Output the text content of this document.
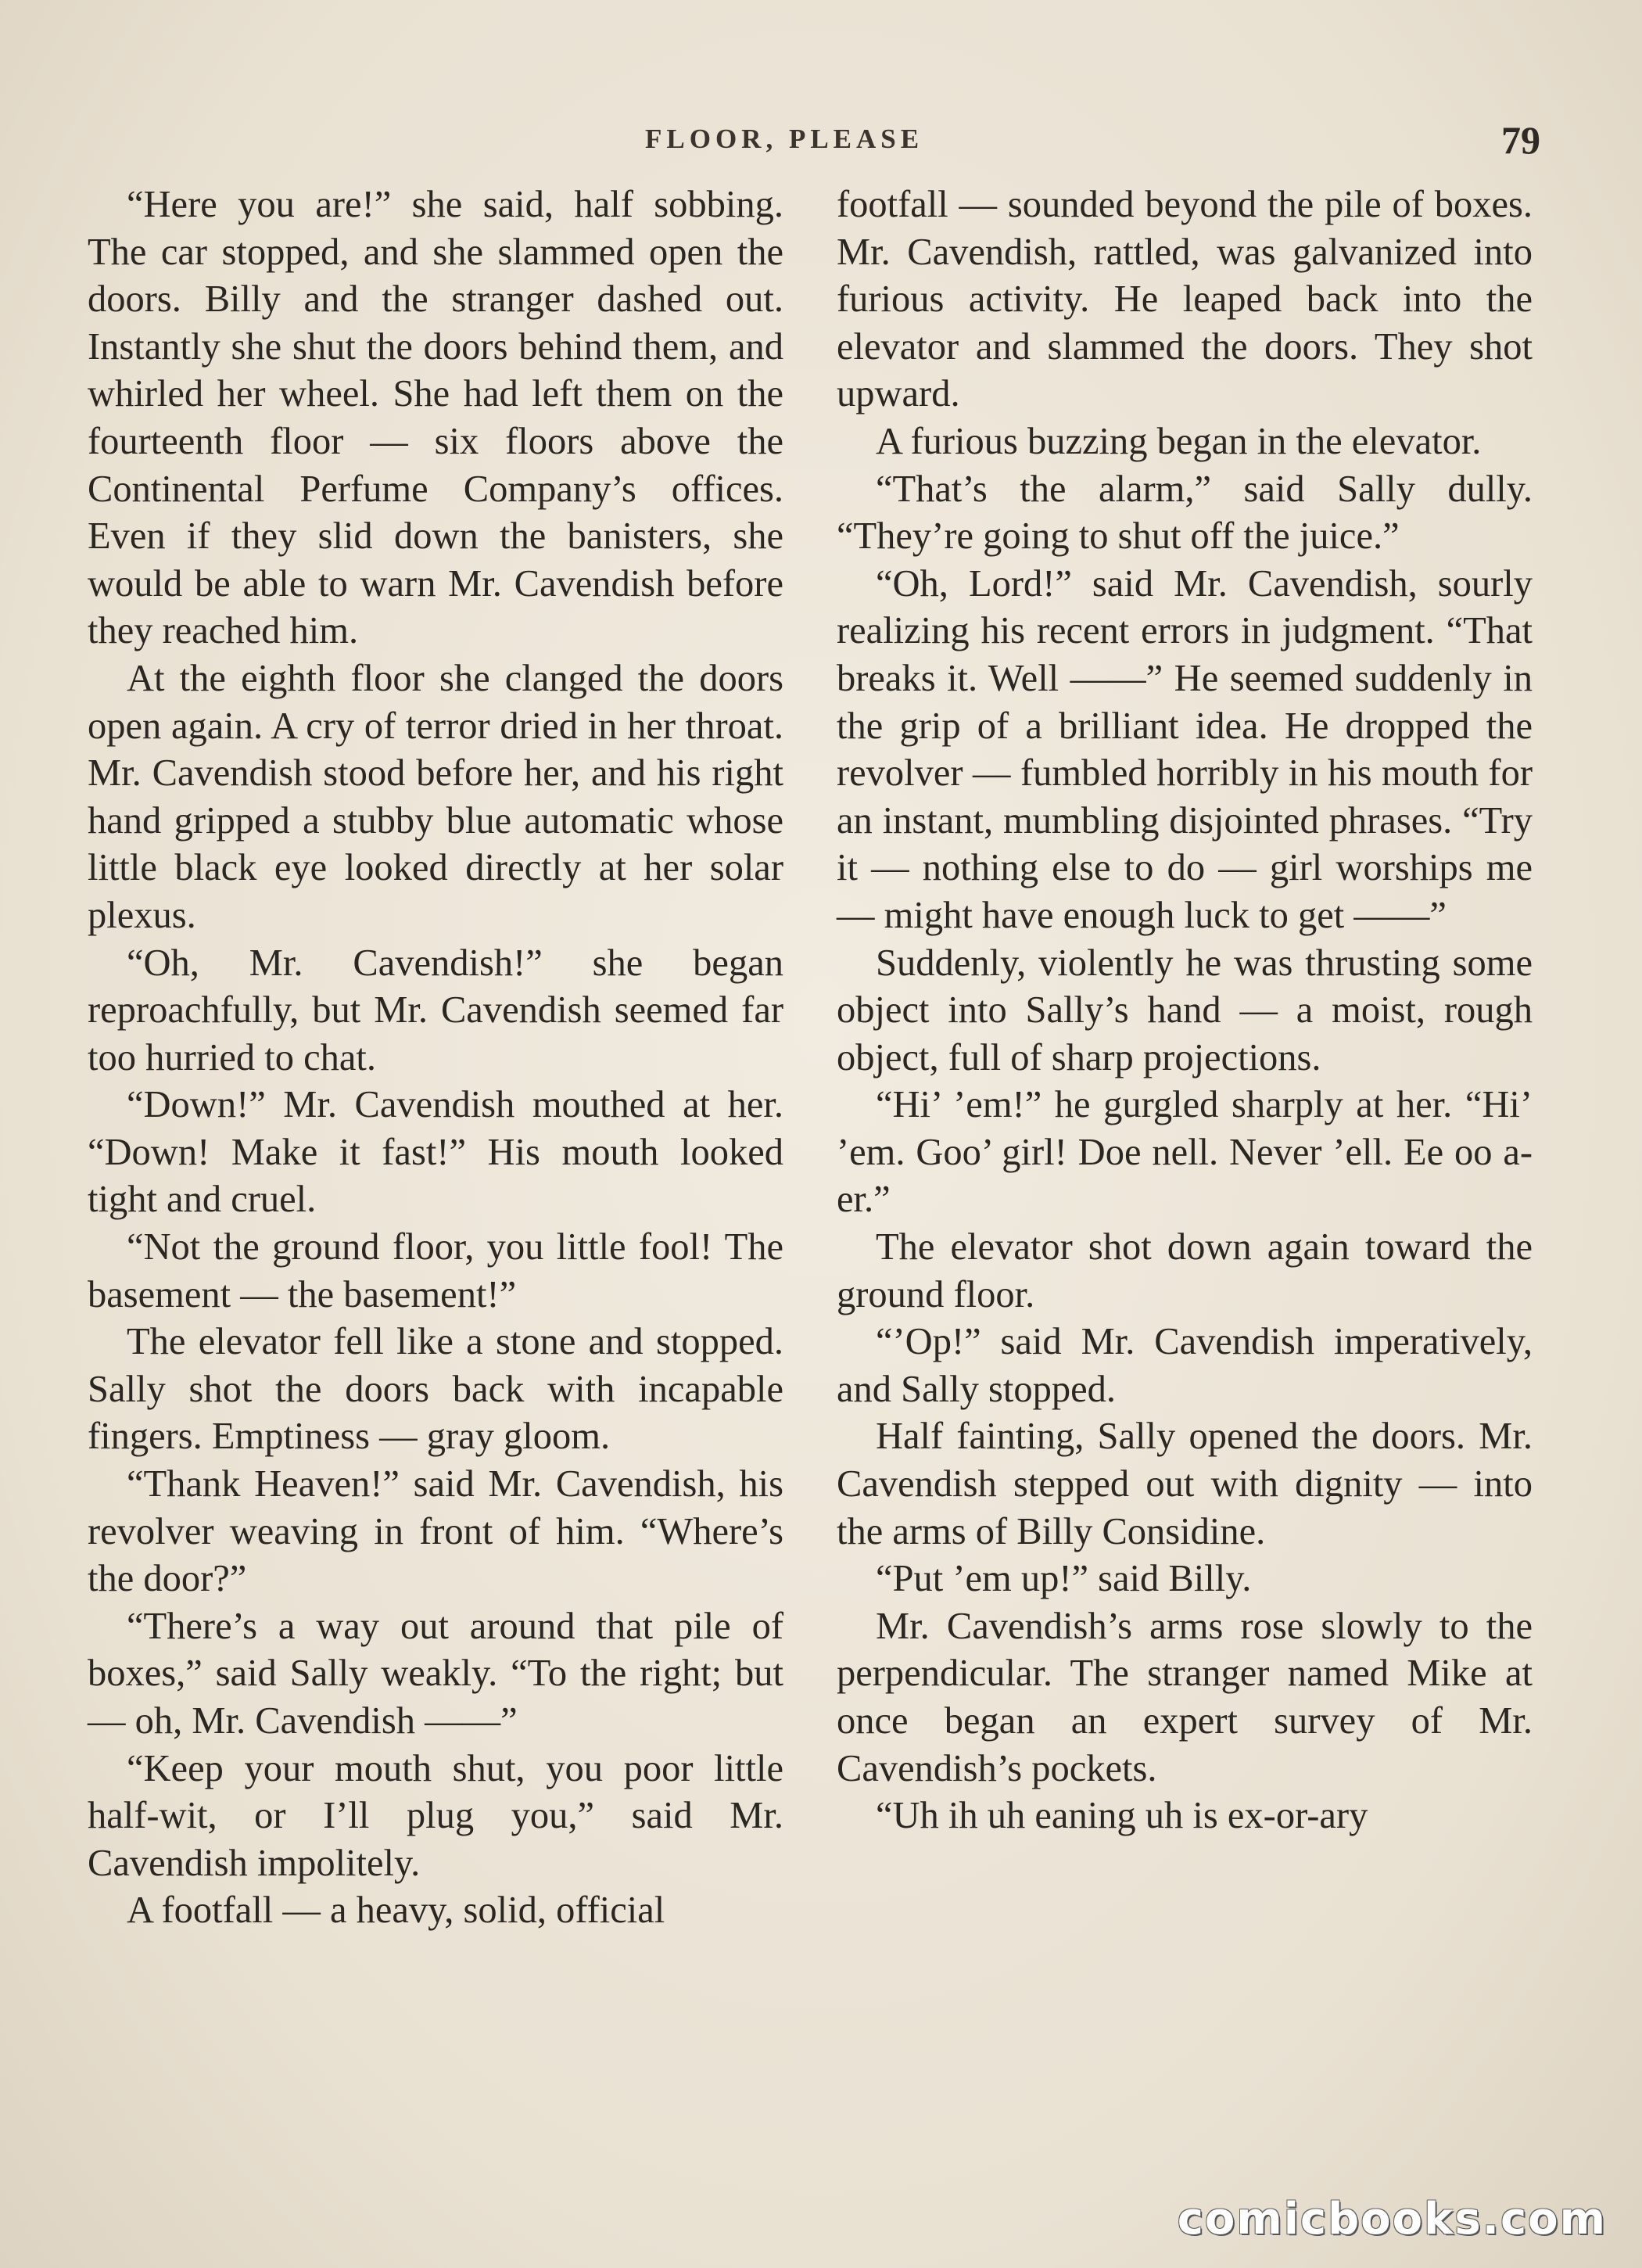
FLOOR, PLEASE	79

“Here you are!” she said, half sobbing. The car stopped, and she slammed open the doors. Billy and the stranger dashed out. Instantly she shut the doors behind them, and whirled her wheel. She had left them on the fourteenth floor — six floors above the Continental Perfume Company’s offices. Even if they slid down the banisters, she would be able to warn Mr. Cavendish before they reached him.

At the eighth floor she clanged the doors open again. A cry of terror dried in her throat. Mr. Cavendish stood before her, and his right hand gripped a stubby blue automatic whose little black eye looked directly at her solar plexus.

“Oh, Mr. Cavendish!” she began reproachfully, but Mr. Cavendish seemed far too hurried to chat.

“Down!” Mr. Cavendish mouthed at her. “Down! Make it fast!” His mouth looked tight and cruel.

“Not the ground floor, you little fool! The basement — the basement!”

The elevator fell like a stone and stopped. Sally shot the doors back with incapable fingers. Emptiness — gray gloom.

“Thank Heaven!” said Mr. Cavendish, his revolver weaving in front of him. “Where’s the door?”

“There’s a way out around that pile of boxes,” said Sally weakly. “To the right; but — oh, Mr. Cavendish ——”

“Keep your mouth shut, you poor little half-wit, or I’ll plug you,” said Mr. Cavendish impolitely.

A footfall — a heavy, solid, official

footfall — sounded beyond the pile of boxes. Mr. Cavendish, rattled, was galvanized into furious activity. He leaped back into the elevator and slammed the doors. They shot upward.

A furious buzzing began in the elevator.

“That’s the alarm,” said Sally dully. “They’re going to shut off the juice.”

“Oh, Lord!” said Mr. Cavendish, sourly realizing his recent errors in judgment. “That breaks it. Well ——” He seemed suddenly in the grip of a brilliant idea. He dropped the revolver — fumbled horribly in his mouth for an instant, mumbling disjointed phrases. “Try it — nothing else to do — girl worships me — might have enough luck to get ——”

Suddenly, violently he was thrusting some object into Sally’s hand — a moist, rough object, full of sharp projections.

“Hi’ ’em!” he gurgled sharply at her. “Hi’ ’em. Goo’ girl! Doe nell. Never ’ell. Ee oo a-er.”

The elevator shot down again toward the ground floor.

“’Op!” said Mr. Cavendish imperatively, and Sally stopped.

Half fainting, Sally opened the doors. Mr. Cavendish stepped out with dignity — into the arms of Billy Considine.

“Put ’em up!” said Billy.

Mr. Cavendish’s arms rose slowly to the perpendicular. The stranger named Mike at once began an expert survey of Mr. Cavendish’s pockets.

“Uh ih uh eaning uh is ex-or-ary

comicbooks.com
